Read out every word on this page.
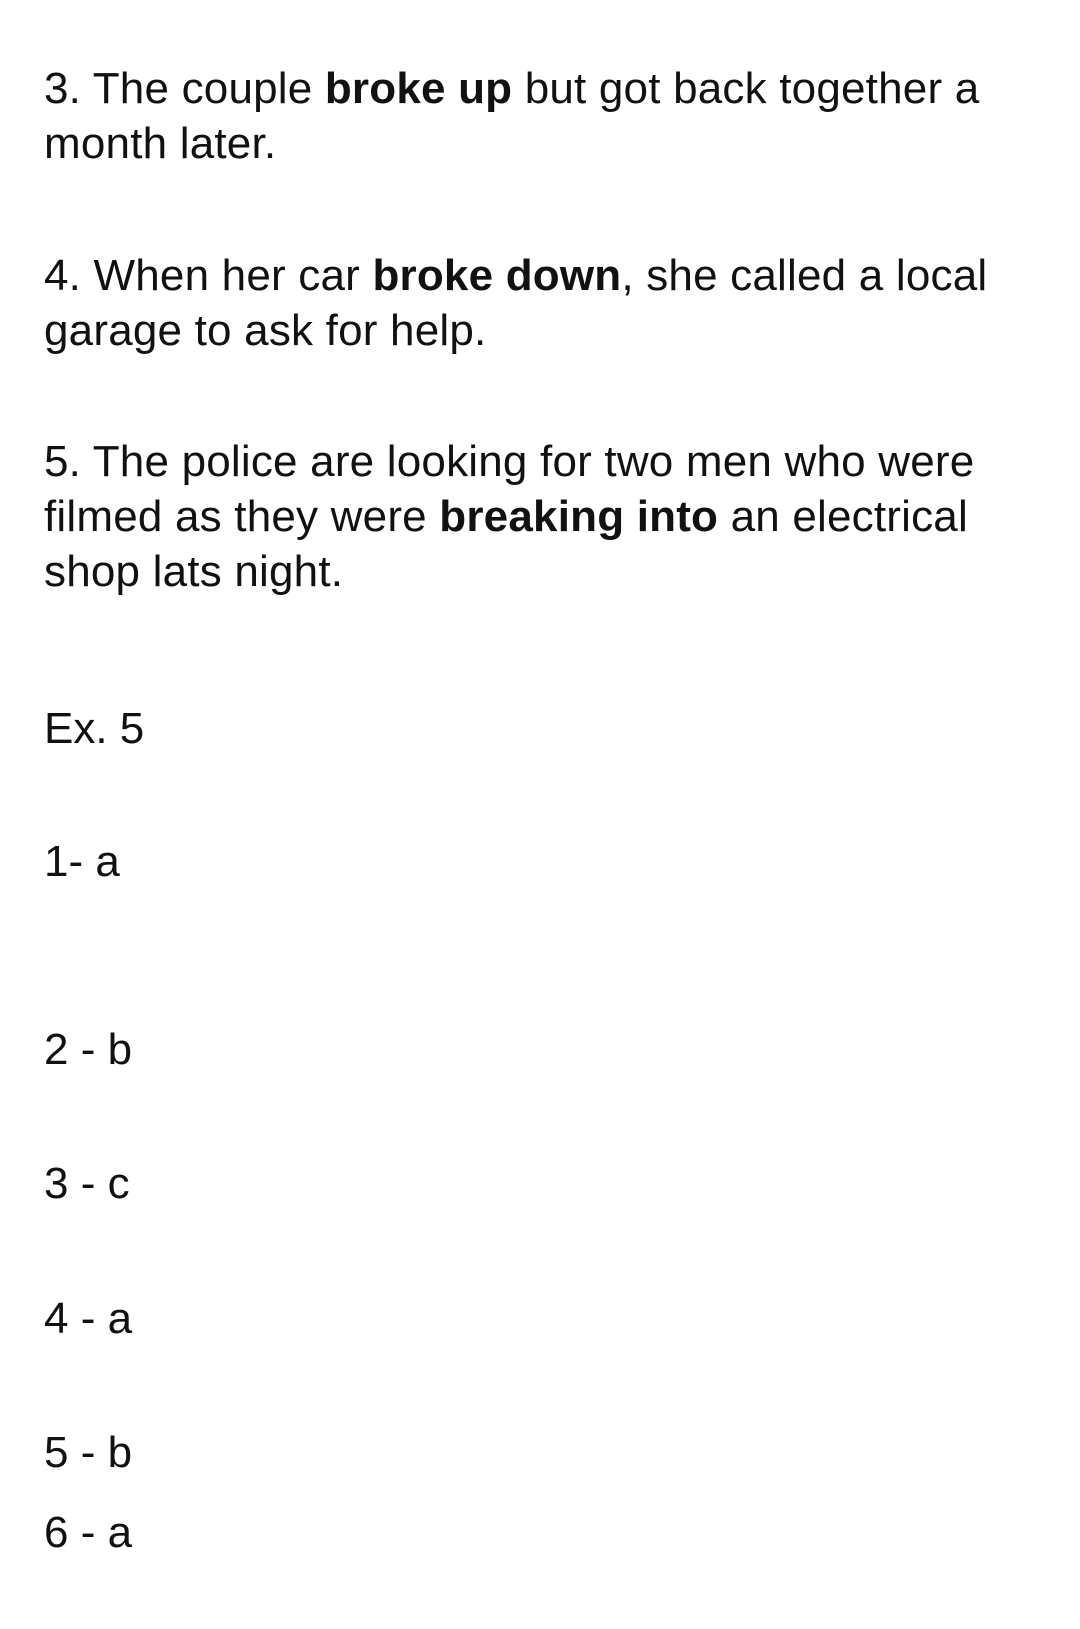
3. The couple broke up but got back together a month later.

4. When her car broke down, she called a local garage to ask for help.

5. The police are looking for two men who were filmed as they were breaking into an electrical shop lats night.

Ex. 5

1- a

2 - b

3 - c

4 - a

5 - b

6 - a
